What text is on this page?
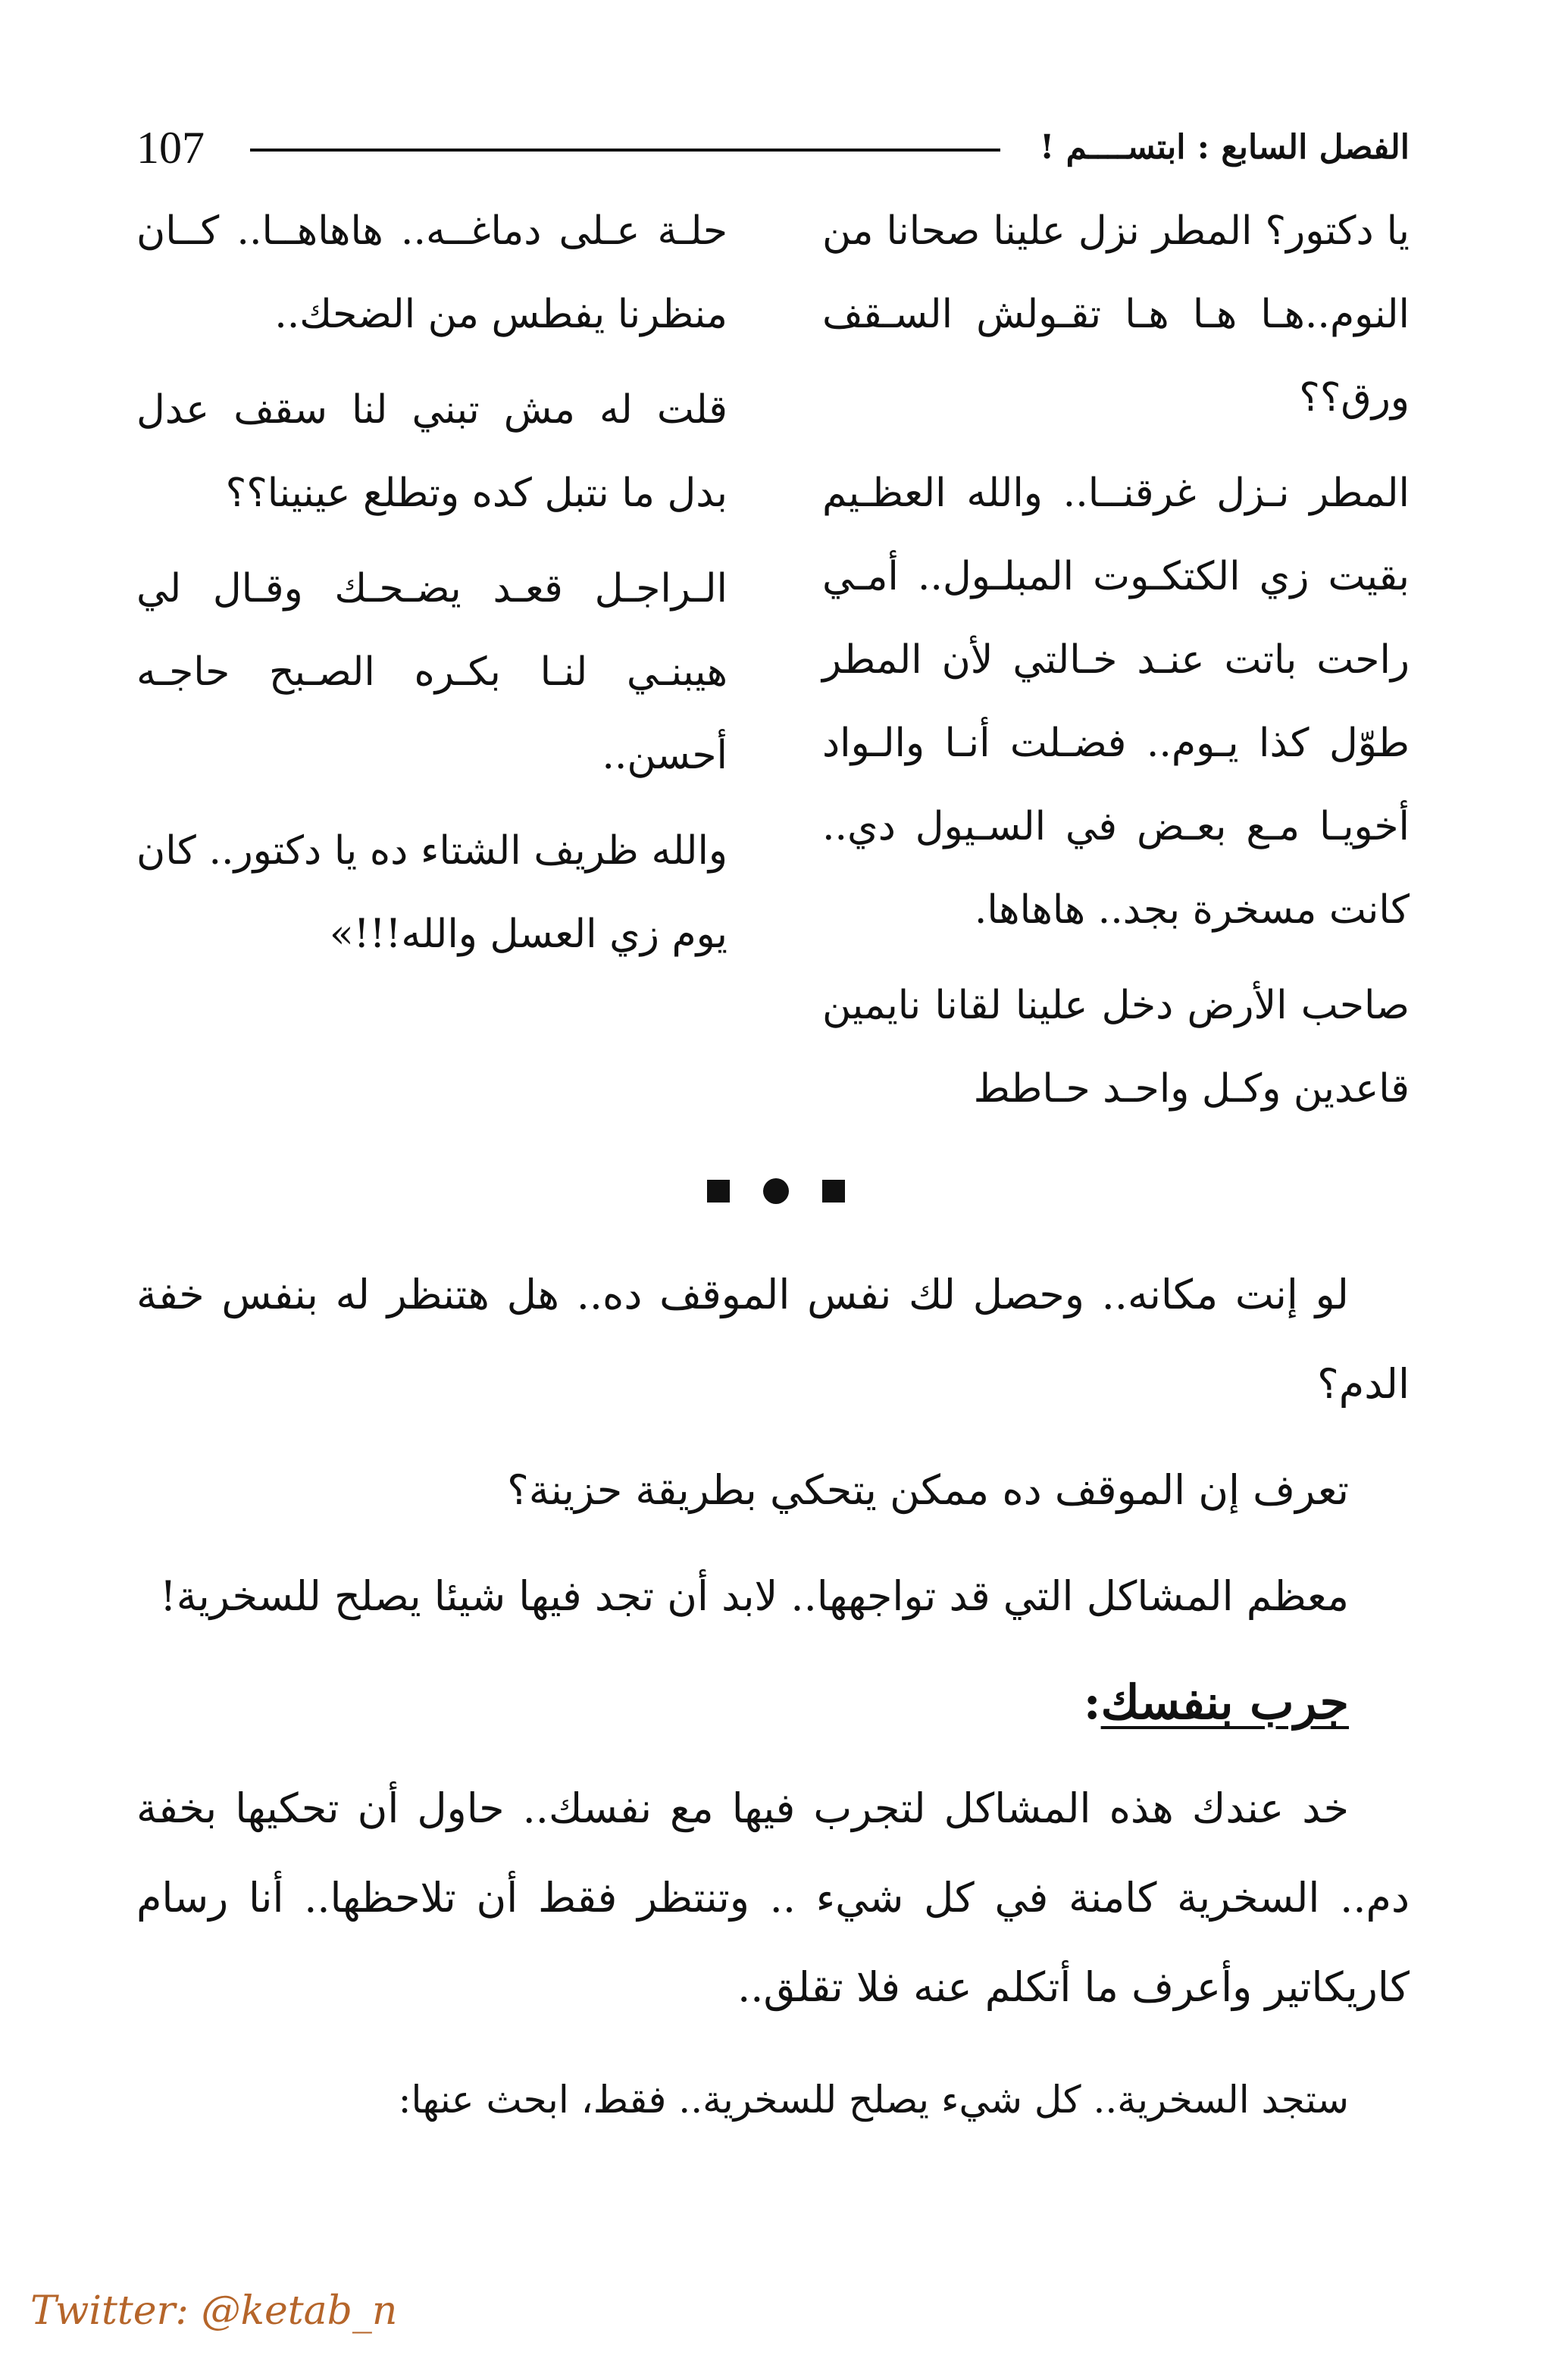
107	الفصل السابع : ابتســــم !

يا دكتور؟ المطر نزل علينا صحانا من النوم..هـا هـا هـا تقـولش السـقف ورق؟؟

المطر نـزل غرقنــا.. والله العظـيم بقيت زي الكتكـوت المبلـول.. أمـي راحت باتت عنـد خـالتي لأن المطر طوّل كذا يـوم.. فضـلت أنـا والـواد أخويـا مـع بعـض في السـيول دي.. كانت مسخرة بجد.. هاهاها.

صاحب الأرض دخل علينا لقانا نايمين قاعدين وكـل واحـد حـاطط

حلـة عـلى دماغــه.. هاهاهــا.. كــان منظرنا يفطس من الضحك..

قلت له مش تبني لنا سقف عدل بدل ما نتبل كده وتطلع عينينا؟؟

الـراجـل قعـد يضـحـك وقـال لي هيبنـي لنـا بكـره الصـبح حاجـه أحسن..

والله ظريف الشتاء ده يا دكتور.. كان يوم زي العسل والله!!!»

لو إنت مكانه.. وحصل لك نفس الموقف ده.. هل هتنظر له بنفس خفة الدم؟

تعرف إن الموقف ده ممكن يتحكي بطريقة حزينة؟

معظم المشاكل التي قد تواجهها.. لابد أن تجد فيها شيئا يصلح للسخرية!

جرب بنفسك:

خد عندك هذه المشاكل لتجرب فيها مع نفسك.. حاول أن تحكيها بخفة دم.. السخرية كامنة في كل شيء .. وتنتظر فقط أن تلاحظها.. أنا رسام كاريكاتير وأعرف ما أتكلم عنه فلا تقلق..

ستجد السخرية.. كل شيء يصلح للسخرية.. فقط، ابحث عنها:

Twitter: @ketab_n
